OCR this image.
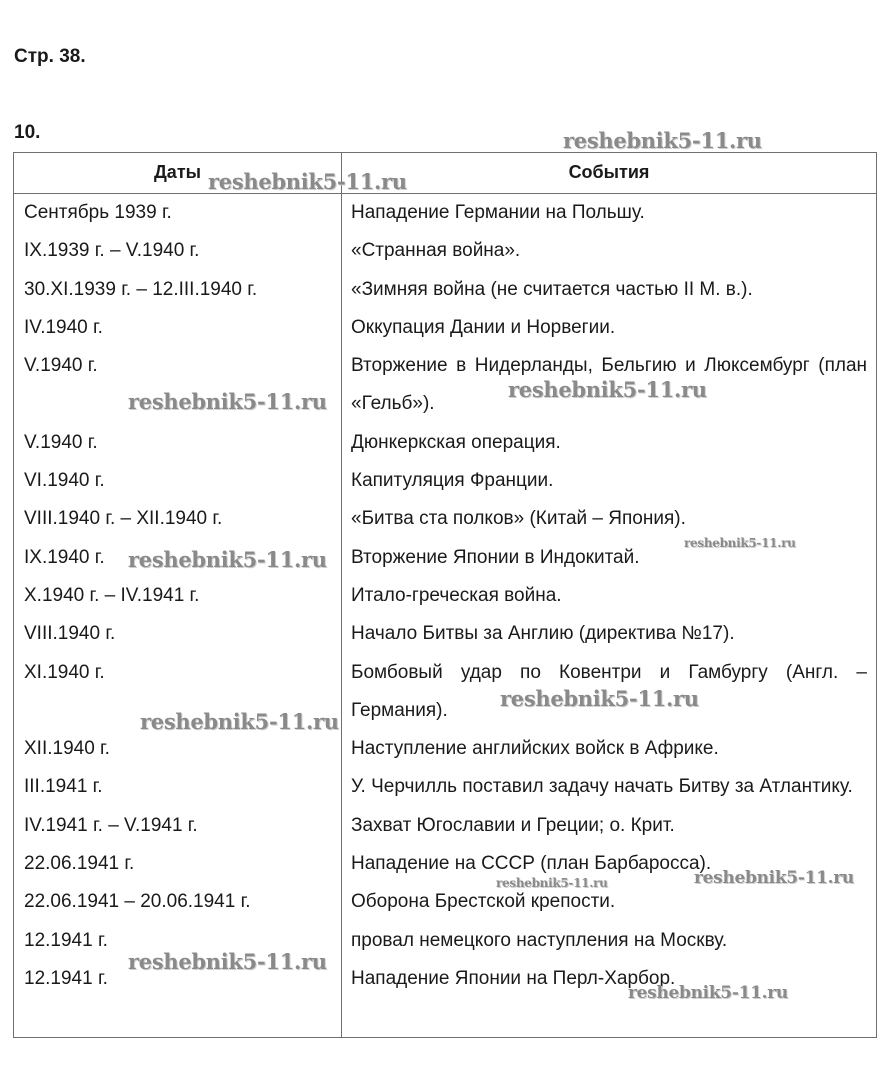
Стр. 38.
10.
Даты	События
Сентябрь 1939 г.	Нападение Германии на Польшу.
IX.1939 г. – V.1940 г.	«Странная война».
30.XI.1939 г. – 12.III.1940 г.	«Зимняя война (не считается частью II М. в.).
IV.1940 г.	Оккупация Дании и Норвегии.
V.1940 г.	Вторжение в Нидерланды, Бельгию и Люксембург (план «Гельб»).
V.1940 г.	Дюнкеркская операция.
VI.1940 г.	Капитуляция Франции.
VIII.1940 г. – XII.1940 г.	«Битва ста полков» (Китай – Япония).
IX.1940 г.	Вторжение Японии в Индокитай.
X.1940 г. – IV.1941 г.	Итало-греческая война.
VIII.1940 г.	Начало Битвы за Англию (директива №17).
XI.1940 г.	Бомбовый удар по Ковентри и Гамбургу (Англ. – Германия).
XII.1940 г.	Наступление английских войск в Африке.
III.1941 г.	У. Черчилль поставил задачу начать Битву за Атлантику.
IV.1941 г. – V.1941 г.	Захват Югославии и Греции; о. Крит.
22.06.1941 г.	Нападение на СССР (план Барбаросса).
22.06.1941 – 20.06.1941 г.	Оборона Брестской крепости.
12.1941 г.	провал немецкого наступления на Москву.
12.1941 г.	Нападение Японии на Перл-Харбор.
reshebnik5-11.ru
reshebnik5-11.ru
reshebnik5-11.ru	reshebnik5-11.ru
reshebnik5-11.ru
reshebnik5-11.ru
reshebnik5-11.ru
reshebnik5-11.ru
reshebnik5-11.ru	reshebnik5-11.ru
reshebnik5-11.ru
reshebnik5-11.ru
